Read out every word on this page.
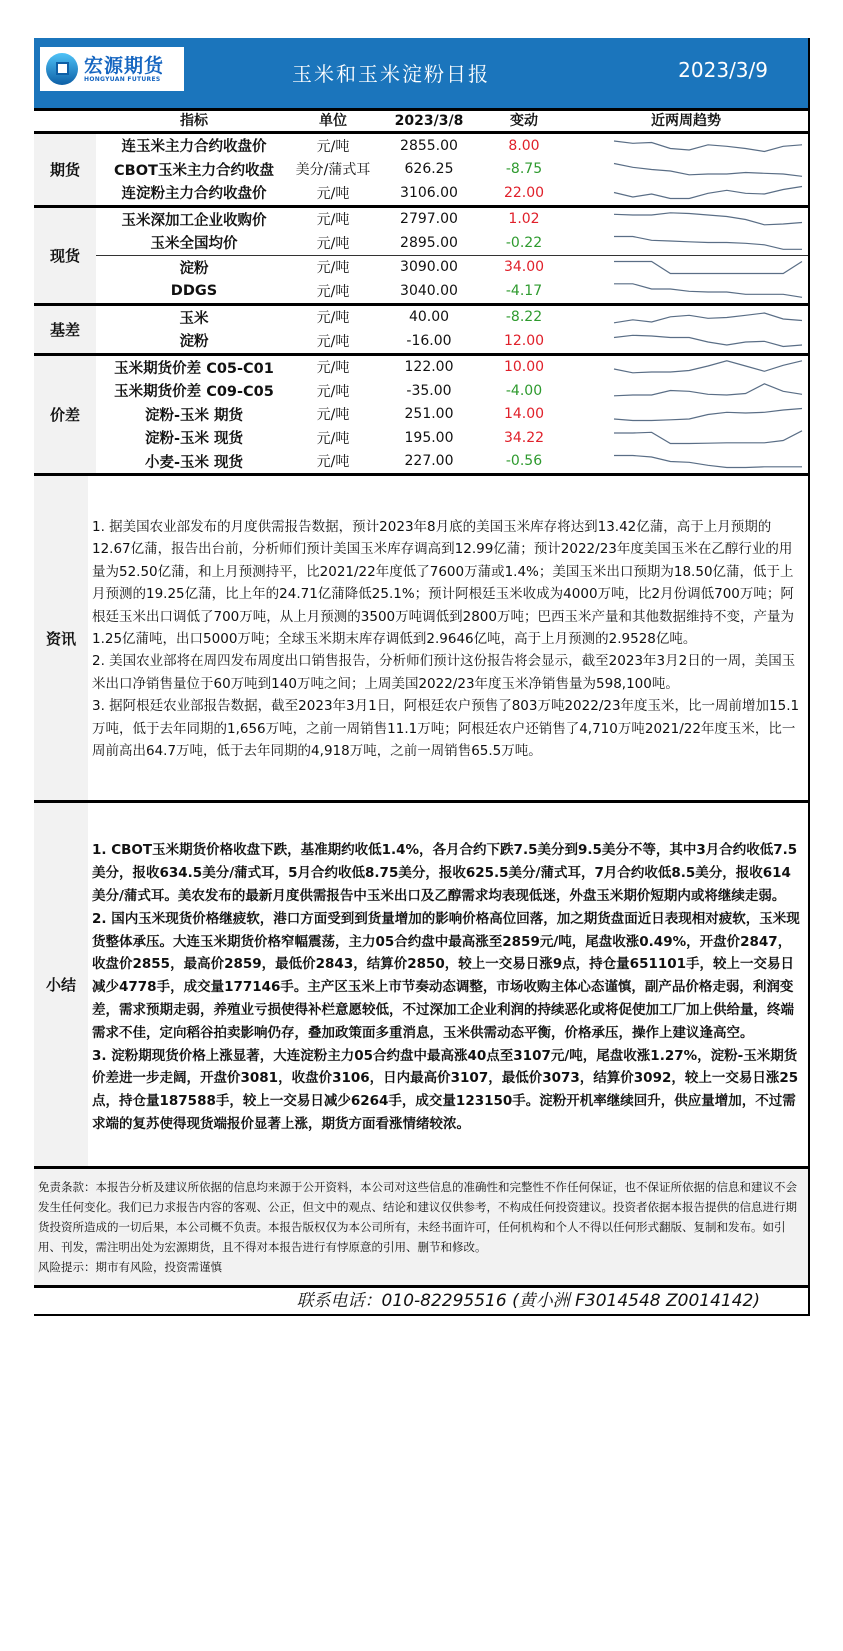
宏源期货
HONGYUAN FUTURES	玉米和玉米淀粉日报	2023/3/9
指标	单位	2023/3/8	变动	近两周趋势
期货
连玉米主力合约收盘价	元/吨	2855.00	8.00
CBOT玉米主力合约收盘	美分/蒲式耳	626.25	-8.75
连淀粉主力合约收盘价	元/吨	3106.00	22.00
现货
玉米深加工企业收购价	元/吨	2797.00	1.02
玉米全国均价	元/吨	2895.00	-0.22
淀粉	元/吨	3090.00	34.00
DDGS	元/吨	3040.00	-4.17
基差
玉米	元/吨	40.00	-8.22
淀粉	元/吨	-16.00	12.00
价差
玉米期货价差 C05-C01	元/吨	122.00	10.00
玉米期货价差 C09-C05	元/吨	-35.00	-4.00
淀粉-玉米 期货	元/吨	251.00	14.00
淀粉-玉米 现货	元/吨	195.00	34.22
小麦-玉米 现货	元/吨	227.00	-0.56
资讯
1. 据美国农业部发布的月度供需报告数据，预计2023年8月底的美国玉米库存将达到13.42亿蒲，高于上月预期的12.67亿蒲，报告出台前，分析师们预计美国玉米库存调高到12.99亿蒲；预计2022/23年度美国玉米在乙醇行业的用量为52.50亿蒲，和上月预测持平，比2021/22年度低了7600万蒲或1.4%；美国玉米出口预期为18.50亿蒲，低于上月预测的19.25亿蒲，比上年的24.71亿蒲降低25.1%；预计阿根廷玉米收成为4000万吨，比2月份调低700万吨；阿根廷玉米出口调低了700万吨，从上月预测的3500万吨调低到2800万吨；巴西玉米产量和其他数据维持不变，产量为1.25亿蒲吨，出口5000万吨；全球玉米期末库存调低到2.9646亿吨，高于上月预测的2.9528亿吨。
2. 美国农业部将在周四发布周度出口销售报告，分析师们预计这份报告将会显示，截至2023年3月2日的一周，美国玉米出口净销售量位于60万吨到140万吨之间；上周美国2022/23年度玉米净销售量为598,100吨。
3. 据阿根廷农业部报告数据，截至2023年3月1日，阿根廷农户预售了803万吨2022/23年度玉米，比一周前增加15.1万吨，低于去年同期的1,656万吨，之前一周销售11.1万吨；阿根廷农户还销售了4,710万吨2021/22年度玉米，比一周前高出64.7万吨，低于去年同期的4,918万吨，之前一周销售65.5万吨。
小结
1. CBOT玉米期货价格收盘下跌，基准期约收低1.4%，各月合约下跌7.5美分到9.5美分不等，其中3月合约收低7.5美分，报收634.5美分/蒲式耳，5月合约收低8.75美分，报收625.5美分/蒲式耳，7月合约收低8.5美分，报收614美分/蒲式耳。美农发布的最新月度供需报告中玉米出口及乙醇需求均表现低迷，外盘玉米期价短期内或将继续走弱。
2. 国内玉米现货价格继疲软，港口方面受到到货量增加的影响价格高位回落，加之期货盘面近日表现相对疲软，玉米现货整体承压。大连玉米期货价格窄幅震荡，主力05合约盘中最高涨至2859元/吨，尾盘收涨0.49%，开盘价2847，收盘价2855，最高价2859，最低价2843，结算价2850，较上一交易日涨9点，持仓量651101手，较上一交易日减少4778手，成交量177146手。主产区玉米上市节奏动态调整，市场收购主体心态谨慎，副产品价格走弱，利润变差，需求预期走弱，养殖业亏损使得补栏意愿较低，不过深加工企业利润的持续恶化或将促使加工厂加上供给量，终端需求不佳，定向稻谷拍卖影响仍存，叠加政策面多重消息，玉米供需动态平衡，价格承压，操作上建议逢高空。
3. 淀粉期现货价格上涨显著，大连淀粉主力05合约盘中最高涨40点至3107元/吨，尾盘收涨1.27%，淀粉-玉米期货价差进一步走阔，开盘价3081，收盘价3106，日内最高价3107，最低价3073，结算价3092，较上一交易日涨25点，持仓量187588手，较上一交易日减少6264手，成交量123150手。淀粉开机率继续回升，供应量增加，不过需求端的复苏使得现货端报价显著上涨，期货方面看涨情绪较浓。
免责条款：本报告分析及建议所依据的信息均来源于公开资料，本公司对这些信息的准确性和完整性不作任何保证，也不保证所依据的信息和建议不会发生任何变化。我们已力求报告内容的客观、公正，但文中的观点、结论和建议仅供参考，不构成任何投资建议。投资者依据本报告提供的信息进行期货投资所造成的一切后果，本公司概不负责。本报告版权仅为本公司所有，未经书面许可，任何机构和个人不得以任何形式翻版、复制和发布。如引用、刊发，需注明出处为宏源期货，且不得对本报告进行有悖原意的引用、删节和修改。
风险提示：期市有风险，投资需谨慎
联系电话：010-82295516 (黄小洲 F3014548 Z0014142)
